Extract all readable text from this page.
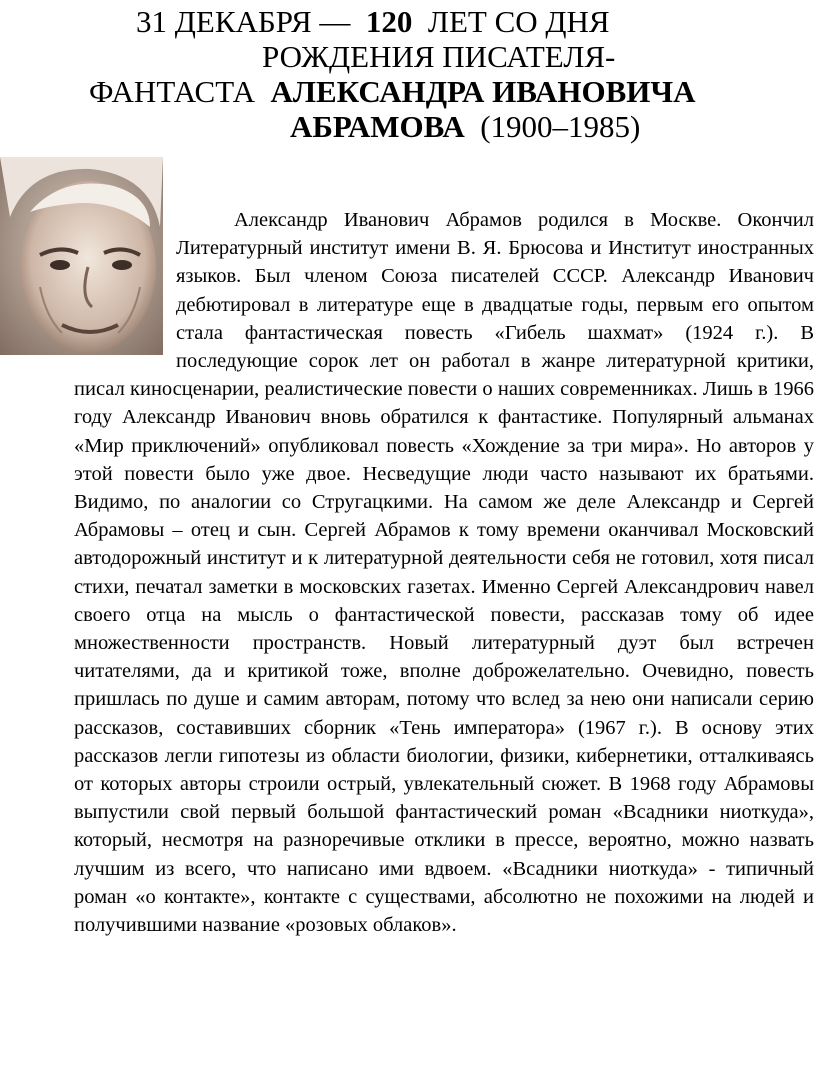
31 ДЕКАБРЯ — 120 ЛЕТ СО ДНЯ
РОЖДЕНИЯ ПИСАТЕЛЯ-
ФАНТАСТА АЛЕКСАНДРА ИВАНОВИЧА
АБРАМОВА (1900–1985)

Александр Иванович Абрамов родился в Москве. Окончил Литературный институт имени В. Я. Брюсова и Институт иностранных языков. Был членом Союза писателей СССР. Александр Иванович дебютировал в литературе еще в двадцатые годы, первым его опытом стала фантастическая повесть «Гибель шахмат» (1924 г.). В последующие сорок лет он работал в жанре литературной критики, писал киносценарии, реалистические повести о наших современниках. Лишь в 1966 году Александр Иванович вновь обратился к фантастике. Популярный альманах «Мир приключений» опубликовал повесть «Хождение за три мира». Но авторов у этой повести было уже двое. Несведущие люди часто называют их братьями. Видимо, по аналогии со Стругацкими. На самом же деле Александр и Сергей Абрамовы – отец и сын. Сергей Абрамов к тому времени оканчивал Московский автодорожный институт и к литературной деятельности себя не готовил, хотя писал стихи, печатал заметки в московских газетах. Именно Сергей Александрович навел своего отца на мысль о фантастической повести, рассказав тому об идее множественности пространств. Новый литературный дуэт был встречен читателями, да и критикой тоже, вполне доброжелательно. Очевидно, повесть пришлась по душе и самим авторам, потому что вслед за нею они написали серию рассказов, составивших сборник «Тень императора» (1967 г.). В основу этих рассказов легли гипотезы из области биологии, физики, кибернетики, отталкиваясь от которых авторы строили острый, увлекательный сюжет. В 1968 году Абрамовы выпустили свой первый большой фантастический роман «Всадники ниоткуда», который, несмотря на разноречивые отклики в прессе, вероятно, можно назвать лучшим из всего, что написано ими вдвоем. «Всадники ниоткуда» - типичный роман «о контакте», контакте с существами, абсолютно не похожими на людей и получившими название «розовых облаков».
